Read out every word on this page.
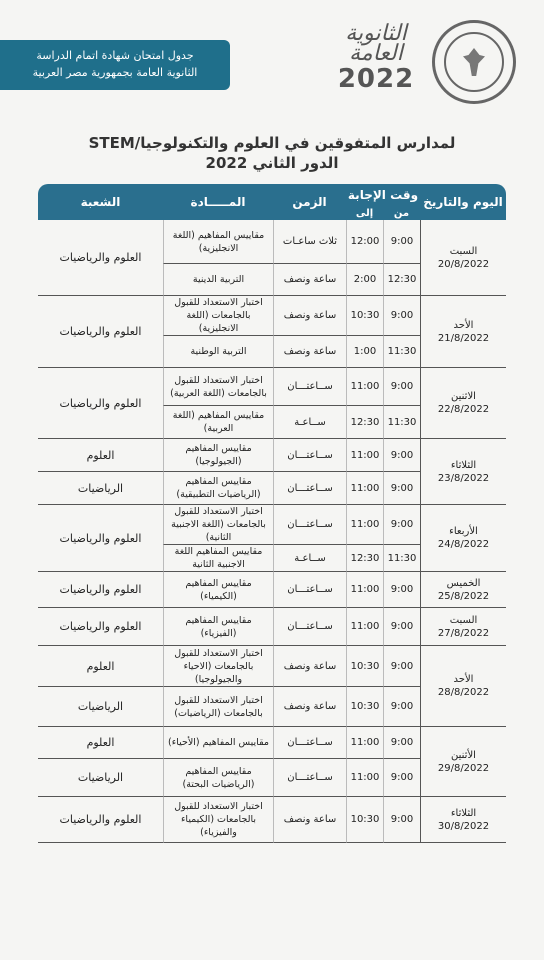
جدول امتحان شهادة اتمام الدراسة
الثانوية العامة بجمهورية مصر العربية
الثانوية العامة
2022
لمدارس المتفوقين في العلوم والتكنولوجيا/STEM
الدور الثاني 2022
اليوم والتاريخ	وقت الإجابة		الزمن	المـــــادة	الشعبة
	من	إلى			

السبت
20/8/2022	9:00	12:00	ثلاث ساعـات	مقاييس المفاهيم (اللغة الانجليزية)	العلوم والرياضيات
	12:30	2:00	ساعة ونصف	التربية الدينية	

الأحد
21/8/2022	9:00	10:30	ساعة ونصف	اختبار الاستعداد للقبول بالجامعات (اللغة الانجليزية)	العلوم والرياضيات
	11:30	1:00	ساعة ونصف	التربية الوطنية	

الاثنين
22/8/2022	9:00	11:00	ســاعتـــان	اختبار الاستعداد للقبول بالجامعات (اللغة العربية)	العلوم والرياضيات
	11:30	12:30	ســاعـة	مقاييس المفاهيم (اللغة العربية)	

الثلاثاء
23/8/2022	9:00	11:00	ســاعتـــان	مقاييس المفاهيم (الجيولوجيا)	العلوم
	9:00	11:00	ســاعتـــان	مقاييس المفاهيم (الرياضيات التطبيقية)	الرياضيات

الأربعاء
24/8/2022	9:00	11:00	ســاعتـــان	اختبار الاستعداد للقبول بالجامعات (اللغة الاجنبية الثانية)	العلوم والرياضيات
	11:30	12:30	ســاعـة	مقاييس المفاهيم اللغة الاجنبية الثانية	

الخميس
25/8/2022	9:00	11:00	ســاعتـــان	مقاييس المفاهيم (الكيمياء)	العلوم والرياضيات

السبت
27/8/2022	9:00	11:00	ســاعتـــان	مقاييس المفاهيم (الفيزياء)	العلوم والرياضيات

الأحد
28/8/2022	9:00	10:30	ساعة ونصف	اختبار الاستعداد للقبول بالجامعات (الاحياء والجيولوجيا)	العلوم
	9:00	10:30	ساعة ونصف	اختبار الاستعداد للقبول بالجامعات (الرياضيات)	الرياضيات

الأثنين
29/8/2022	9:00	11:00	ســاعتـــان	مقاييس المفاهيم (الأحياء)	العلوم
	9:00	11:00	ســاعتـــان	مقاييس المفاهيم (الرياضيات البحتة)	الرياضيات

الثلاثاء
30/8/2022	9:00	10:30	ساعة ونصف	اختبار الاستعداد للقبول بالجامعات (الكيمياء والفيزياء)	العلوم والرياضيات
